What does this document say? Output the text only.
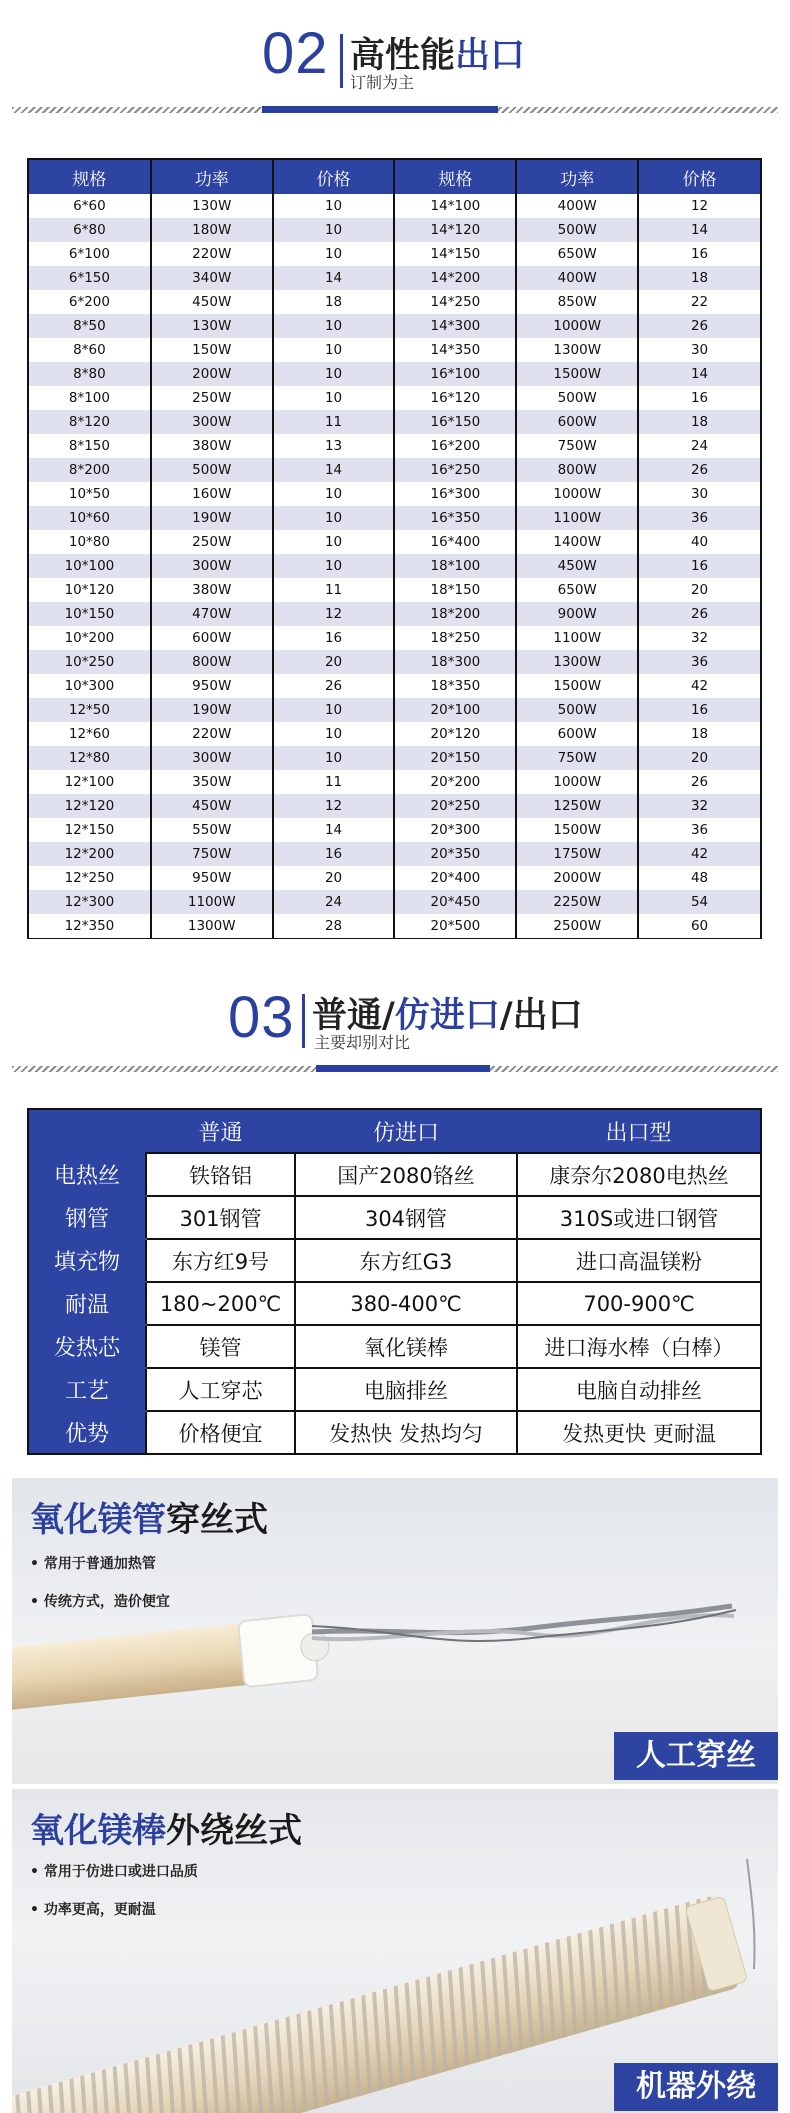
02 高性能出口
订制为主
规格	功率	价格	规格	功率	价格
6*60	130W	10	14*100	400W	12
6*80	180W	10	14*120	500W	14
6*100	220W	10	14*150	650W	16
6*150	340W	14	14*200	400W	18
6*200	450W	18	14*250	850W	22
8*50	130W	10	14*300	1000W	26
8*60	150W	10	14*350	1300W	30
8*80	200W	10	16*100	1500W	14
8*100	250W	10	16*120	500W	16
8*120	300W	11	16*150	600W	18
8*150	380W	13	16*200	750W	24
8*200	500W	14	16*250	800W	26
10*50	160W	10	16*300	1000W	30
10*60	190W	10	16*350	1100W	36
10*80	250W	10	16*400	1400W	40
10*100	300W	10	18*100	450W	16
10*120	380W	11	18*150	650W	20
10*150	470W	12	18*200	900W	26
10*200	600W	16	18*250	1100W	32
10*250	800W	20	18*300	1300W	36
10*300	950W	26	18*350	1500W	42
12*50	190W	10	20*100	500W	16
12*60	220W	10	20*120	600W	18
12*80	300W	10	20*150	750W	20
12*100	350W	11	20*200	1000W	26
12*120	450W	12	20*250	1250W	32
12*150	550W	14	20*300	1500W	36
12*200	750W	16	20*350	1750W	42
12*250	950W	20	20*400	2000W	48
12*300	1100W	24	20*450	2250W	54
12*350	1300W	28	20*500	2500W	60
03 普通/仿进口/出口
主要却别对比
	普通	仿进口	出口型
电热丝	铁铬铝	国产2080铬丝	康奈尔2080电热丝
钢管	301钢管	304钢管	310S或进口钢管
填充物	东方红9号	东方红G3	进口高温镁粉
耐温	180~200℃	380-400℃	700-900℃
发热芯	镁管	氧化镁棒	进口海水棒（白棒）
工艺	人工穿芯	电脑排丝	电脑自动排丝
优势	价格便宜	发热快 发热均匀	发热更快 更耐温
氧化镁管穿丝式
• 常用于普通加热管
• 传统方式，造价便宜
人工穿丝
氧化镁棒外绕丝式
• 常用于仿进口或进口品质
• 功率更高，更耐温
机器外绕
